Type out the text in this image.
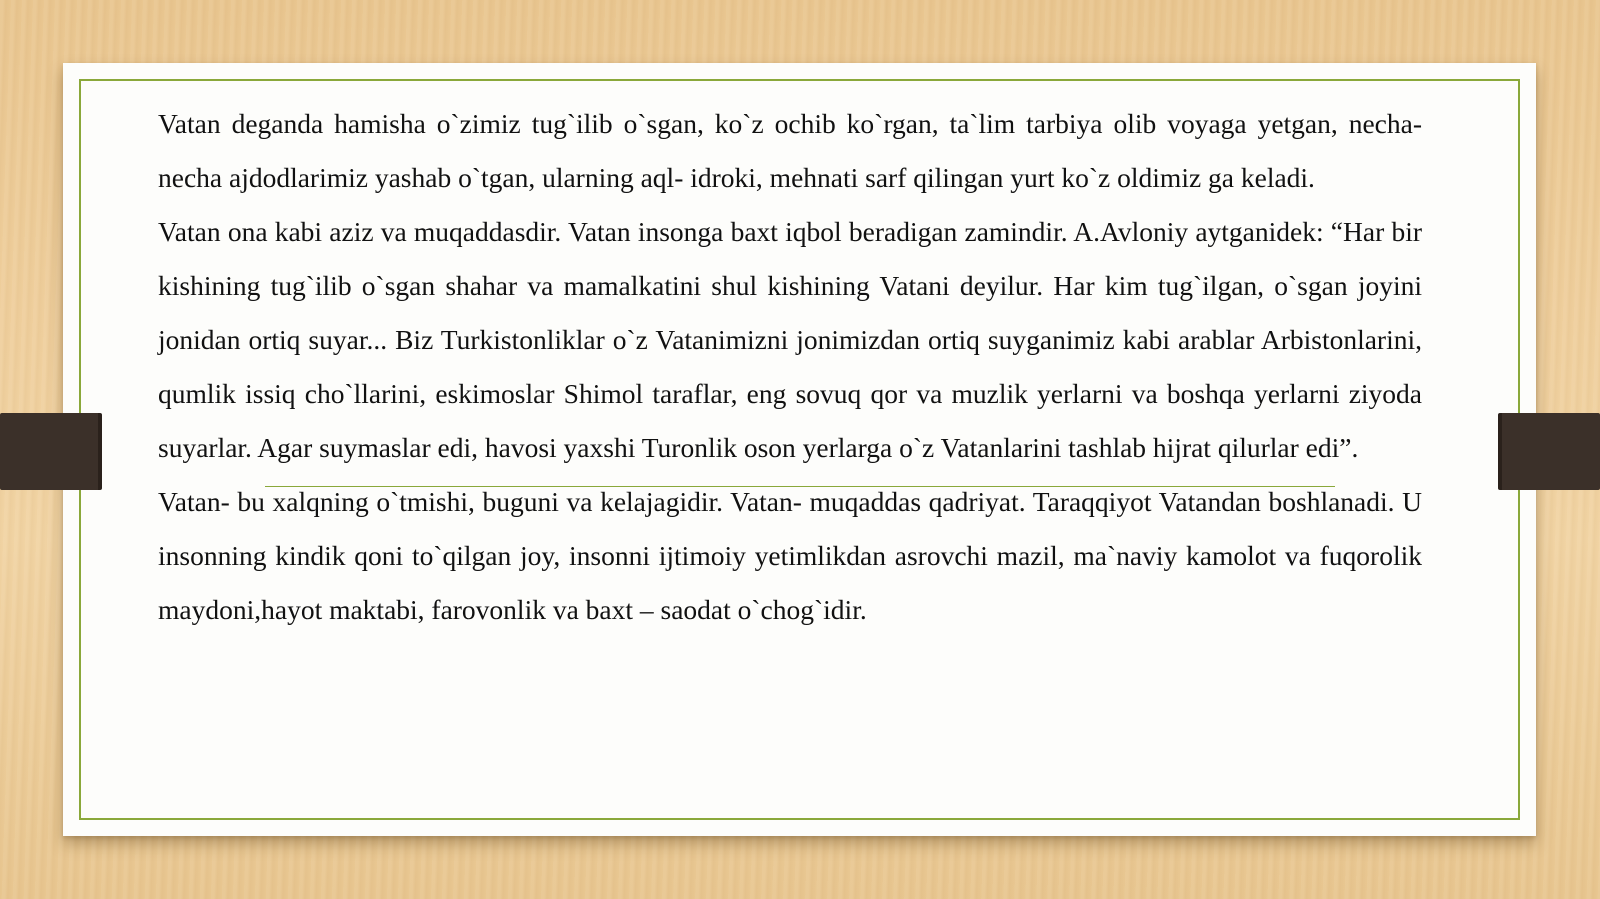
Vatan deganda hamisha o`zimiz tug`ilib o`sgan, ko`z ochib ko`rgan, ta`lim tarbiya olib voyaga yetgan, necha-necha ajdodlarimiz yashab o`tgan, ularning aql- idroki, mehnati sarf qilingan yurt ko`z oldimiz ga keladi.

Vatan ona kabi aziz va muqaddasdir. Vatan insonga baxt iqbol beradigan zamindir. A.Avloniy aytganidek: “Har bir kishining tug`ilib o`sgan shahar va mamalkatini shul kishining Vatani deyilur. Har kim tug`ilgan, o`sgan joyini jonidan ortiq suyar... Biz Turkistonliklar o`z Vatanimizni jonimizdan ortiq suyganimiz kabi arablar Arbistonlarini, qumlik issiq cho`llarini, eskimoslar Shimol taraflar, eng sovuq qor va muzlik yerlarni va boshqa yerlarni ziyoda suyarlar. Agar suymaslar edi, havosi yaxshi Turonlik oson yerlarga o`z Vatanlarini tashlab hijrat qilurlar edi”.

Vatan- bu xalqning o`tmishi, buguni va kelajagidir. Vatan- muqaddas qadriyat. Taraqqiyot Vatandan boshlanadi. U insonning kindik qoni to`qilgan joy, insonni ijtimoiy yetimlikdan asrovchi mazil, ma`naviy kamolot va fuqorolik maydoni,hayot maktabi, farovonlik va baxt – saodat o`chog`idir.
